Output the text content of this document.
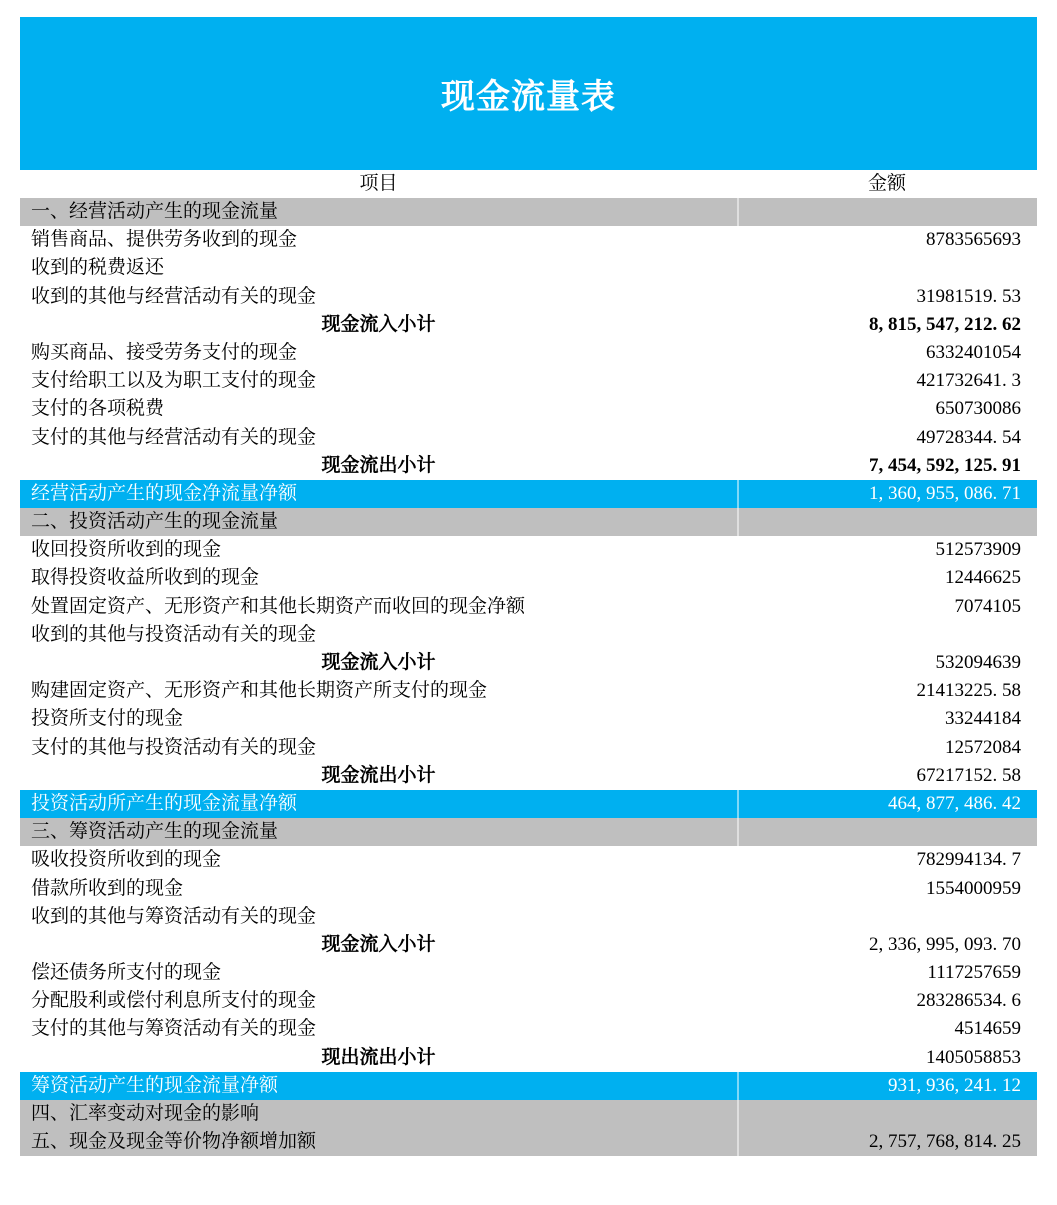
现金流量表
项目	金额
一、经营活动产生的现金流量
销售商品、提供劳务收到的现金	8783565693
收到的税费返还
收到的其他与经营活动有关的现金	31981519. 53
现金流入小计	8, 815, 547, 212. 62
购买商品、接受劳务支付的现金	6332401054
支付给职工以及为职工支付的现金	421732641. 3
支付的各项税费	650730086
支付的其他与经营活动有关的现金	49728344. 54
现金流出小计	7, 454, 592, 125. 91
经营活动产生的现金净流量净额	1, 360, 955, 086. 71
二、投资活动产生的现金流量
收回投资所收到的现金	512573909
取得投资收益所收到的现金	12446625
处置固定资产、无形资产和其他长期资产而收回的现金净额	7074105
收到的其他与投资活动有关的现金
现金流入小计	532094639
购建固定资产、无形资产和其他长期资产所支付的现金	21413225. 58
投资所支付的现金	33244184
支付的其他与投资活动有关的现金	12572084
现金流出小计	67217152. 58
投资活动所产生的现金流量净额	464, 877, 486. 42
三、筹资活动产生的现金流量
吸收投资所收到的现金	782994134. 7
借款所收到的现金	1554000959
收到的其他与筹资活动有关的现金
现金流入小计	2, 336, 995, 093. 70
偿还债务所支付的现金	1117257659
分配股利或偿付利息所支付的现金	283286534. 6
支付的其他与筹资活动有关的现金	4514659
现出流出小计	1405058853
筹资活动产生的现金流量净额	931, 936, 241. 12
四、汇率变动对现金的影响
五、现金及现金等价物净额增加额	2, 757, 768, 814. 25
